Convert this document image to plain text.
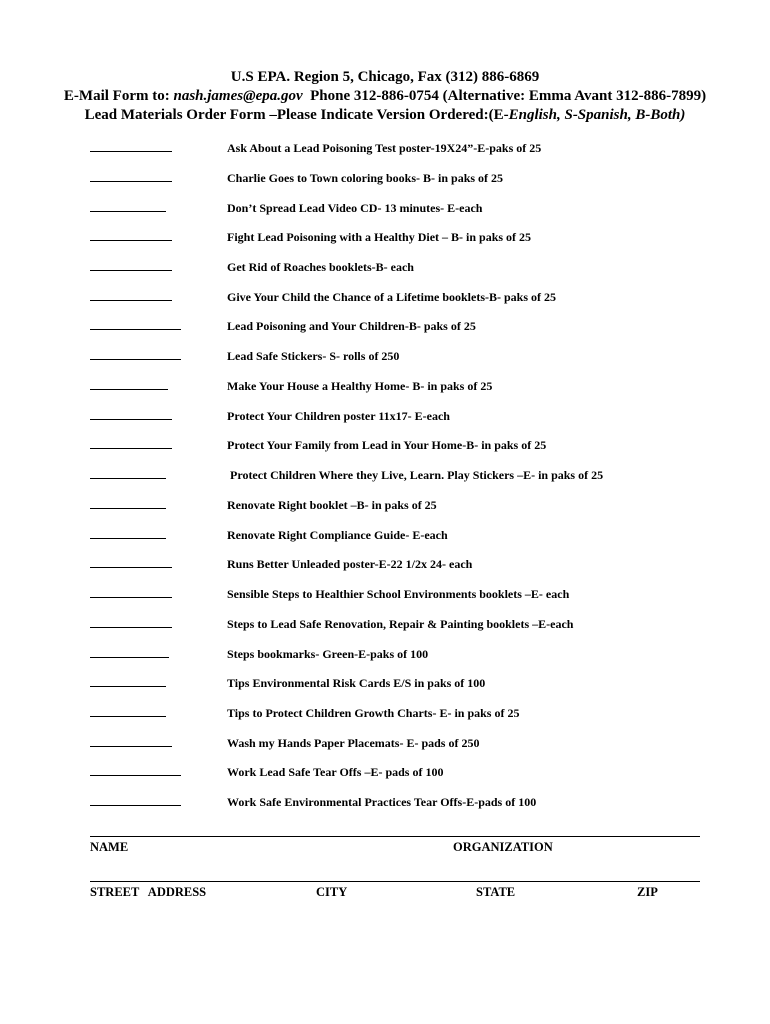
U.S EPA. Region 5, Chicago, Fax (312) 886-6869
E-Mail Form to: nash.james@epa.gov  Phone 312-886-0754 (Alternative: Emma Avant 312-886-7899)
Lead Materials Order Form –Please Indicate Version Ordered:(E-English, S-Spanish, B-Both)
Ask About a Lead Poisoning Test poster-19X24”-E-paks of 25
Charlie Goes to Town coloring books- B- in paks of 25
Don’t Spread Lead Video CD- 13 minutes- E-each
Fight Lead Poisoning with a Healthy Diet – B- in paks of 25
Get Rid of Roaches booklets-B- each
Give Your Child the Chance of a Lifetime booklets-B- paks of 25
Lead Poisoning and Your Children-B- paks of 25
Lead Safe Stickers- S- rolls of 250
Make Your House a Healthy Home- B- in paks of 25
Protect Your Children poster 11x17- E-each
Protect Your Family from Lead in Your Home-B- in paks of 25
Protect Children Where they Live, Learn. Play Stickers –E- in paks of 25
Renovate Right booklet –B- in paks of 25
Renovate Right Compliance Guide- E-each
Runs Better Unleaded poster-E-22 1/2x 24- each
Sensible Steps to Healthier School Environments booklets –E- each
Steps to Lead Safe Renovation, Repair & Painting booklets –E-each
Steps bookmarks- Green-E-paks of 100
Tips Environmental Risk Cards E/S in paks of 100
Tips to Protect Children Growth Charts- E- in paks of 25
Wash my Hands Paper Placemats- E- pads of 250
Work Lead Safe Tear Offs –E- pads of 100
Work Safe Environmental Practices Tear Offs-E-pads of 100
NAME	ORGANIZATION
STREET   ADDRESS	CITY	STATE	ZIP
